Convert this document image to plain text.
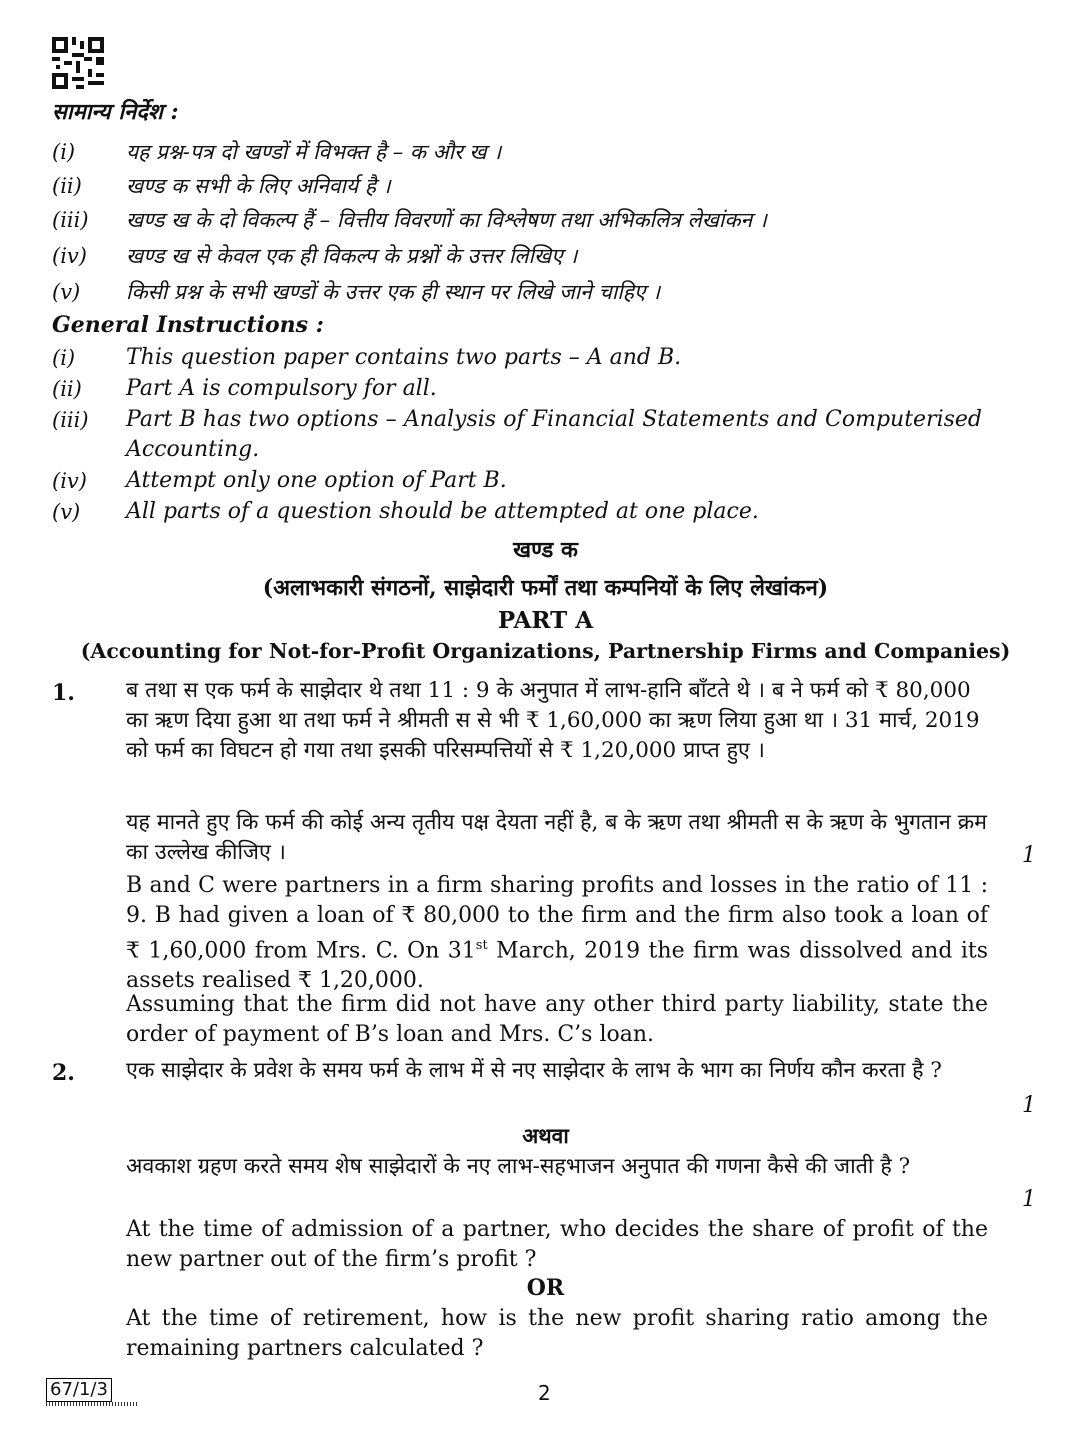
सामान्य निर्देश :
(i)	यह प्रश्न-पत्र दो खण्डों में विभक्त है – क और ख ।
(ii)	खण्ड क सभी के लिए अनिवार्य है ।
(iii)	खण्ड ख के दो विकल्प हैं – वित्तीय विवरणों का विश्लेषण तथा अभिकलित्र लेखांकन ।
(iv)	खण्ड ख से केवल एक ही विकल्प के प्रश्नों के उत्तर लिखिए ।
(v)	किसी प्रश्न के सभी खण्डों के उत्तर एक ही स्थान पर लिखे जाने चाहिए ।
General Instructions :
(i)	This question paper contains two parts – A and B.
(ii)	Part A is compulsory for all.
(iii)	Part B has two options – Analysis of Financial Statements and Computerised Accounting.
(iv)	Attempt only one option of Part B.
(v)	All parts of a question should be attempted at one place.
खण्ड क
(अलाभकारी संगठनों, साझेदारी फर्मों तथा कम्पनियों के लिए लेखांकन)
PART A
(Accounting for Not-for-Profit Organizations, Partnership Firms and Companies)
1. ब तथा स एक फर्म के साझेदार थे तथा 11 : 9 के अनुपात में लाभ-हानि बाँटते थे । ब ने फर्म को ₹ 80,000 का ऋण दिया हुआ था तथा फर्म ने श्रीमती स से भी ₹ 1,60,000 का ऋण लिया हुआ था । 31 मार्च, 2019 को फर्म का विघटन हो गया तथा इसकी परिसम्पत्तियों से ₹ 1,20,000 प्राप्त हुए ।
यह मानते हुए कि फर्म की कोई अन्य तृतीय पक्ष देयता नहीं है, ब के ऋण तथा श्रीमती स के ऋण के भुगतान क्रम का उल्लेख कीजिए ।	1
B and C were partners in a firm sharing profits and losses in the ratio of 11 : 9. B had given a loan of ₹ 80,000 to the firm and the firm also took a loan of ₹ 1,60,000 from Mrs. C. On 31st March, 2019 the firm was dissolved and its assets realised ₹ 1,20,000.
Assuming that the firm did not have any other third party liability, state the order of payment of B’s loan and Mrs. C’s loan.
2. एक साझेदार के प्रवेश के समय फर्म के लाभ में से नए साझेदार के लाभ के भाग का निर्णय कौन करता है ?
1
अथवा
अवकाश ग्रहण करते समय शेष साझेदारों के नए लाभ-सहभाजन अनुपात की गणना कैसे की जाती है ?
1
At the time of admission of a partner, who decides the share of profit of the new partner out of the firm’s profit ?
OR
At the time of retirement, how is the new profit sharing ratio among the remaining partners calculated ?
67/1/3	2
